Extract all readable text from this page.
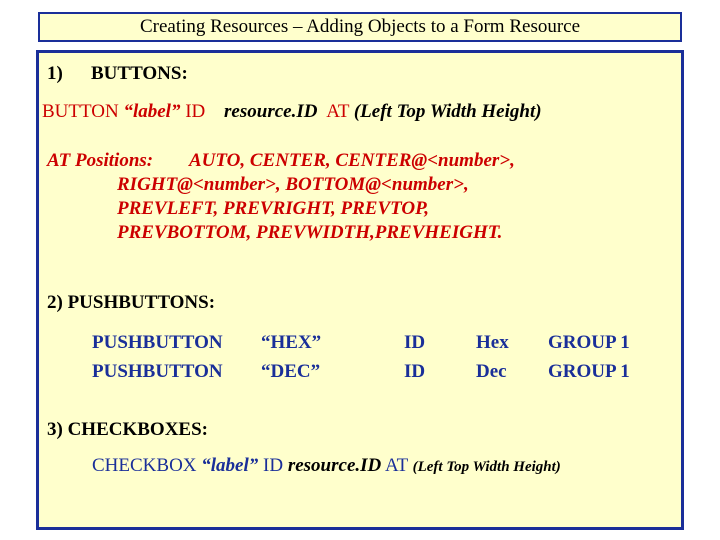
Creating Resources – Adding Objects to a Form Resource
1) BUTTONS:
BUTTON “label” ID resource.ID AT (Left Top Width Height)
AT Positions: AUTO, CENTER, CENTER@<number>,
RIGHT@<number>, BOTTOM@<number>,
PREVLEFT, PREVRIGHT, PREVTOP,
PREVBOTTOM, PREVWIDTH,PREVHEIGHT.
2) PUSHBUTTONS:
PUSHBUTTON “HEX”	ID	Hex GROUP 1
PUSHBUTTON “DEC”	ID	Dec GROUP 1
3) CHECKBOXES:
CHECKBOX “label” ID resource.ID AT (Left Top Width Height)
